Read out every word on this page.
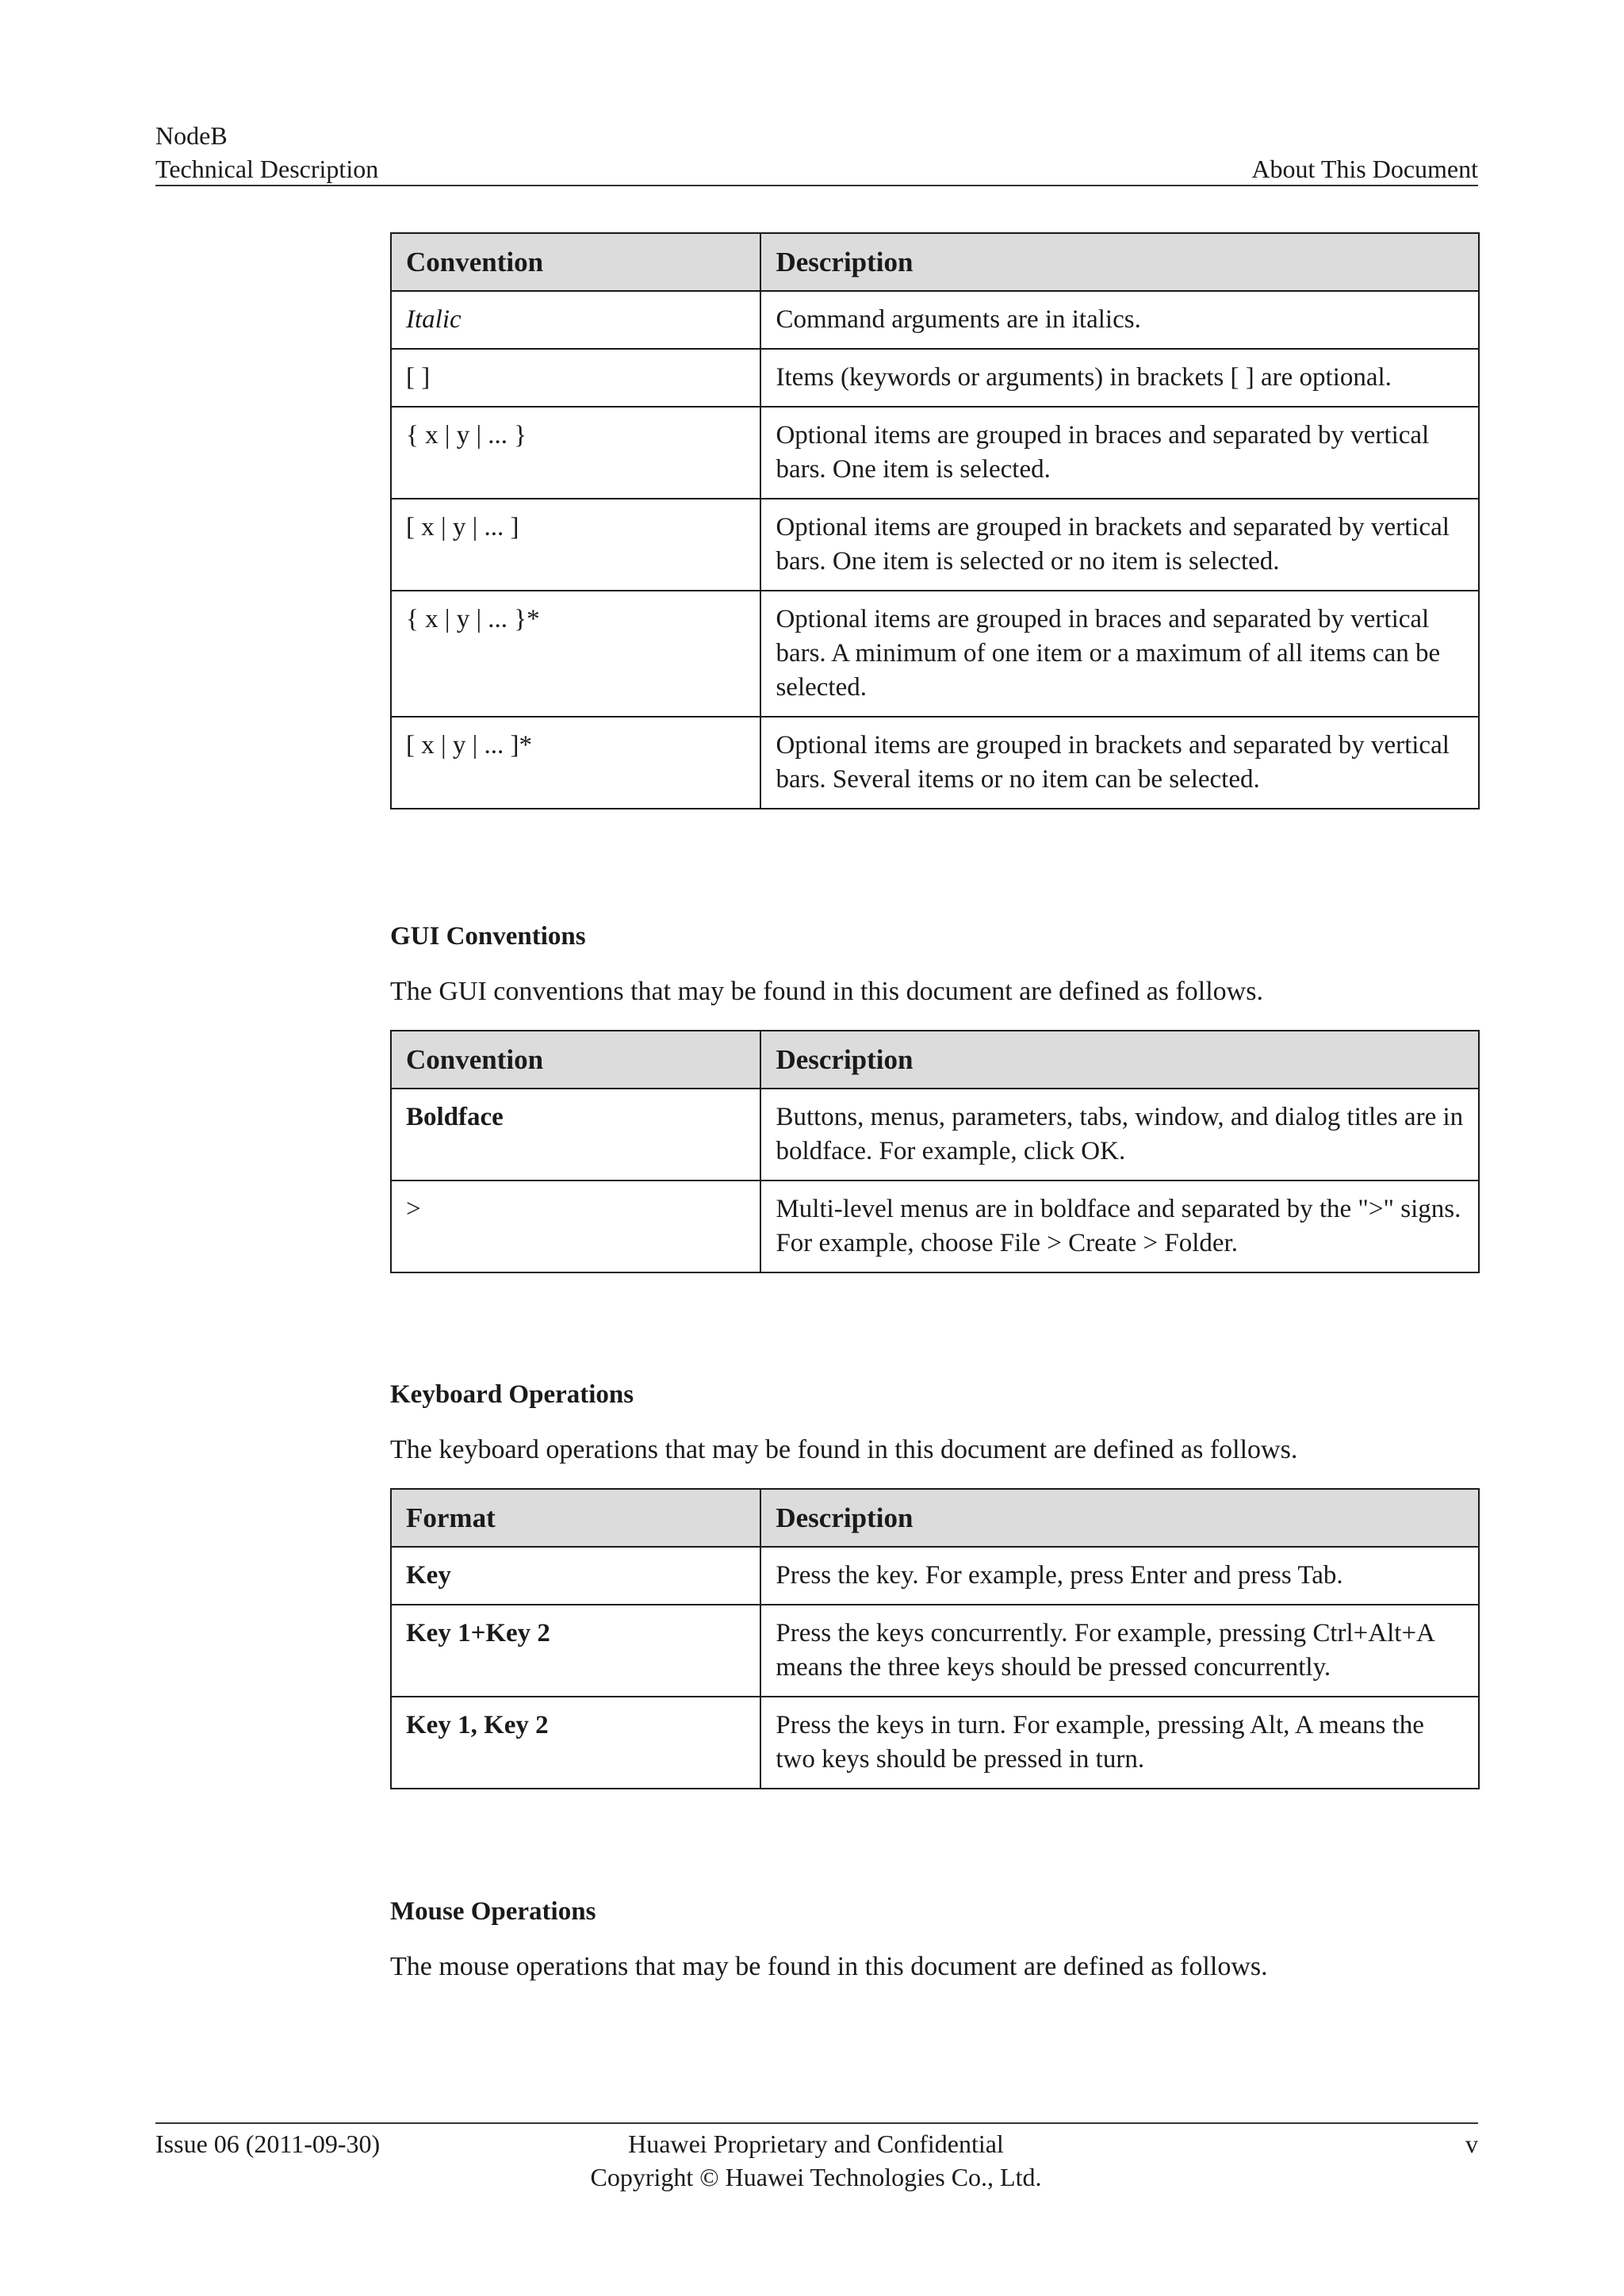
NodeB
Technical Description	About This Document
Convention	Description
Italic	Command arguments are in italics.
[ ]	Items (keywords or arguments) in brackets [ ] are optional.
{ x | y | ... }	Optional items are grouped in braces and separated by vertical bars. One item is selected.
[ x | y | ... ]	Optional items are grouped in brackets and separated by vertical bars. One item is selected or no item is selected.
{ x | y | ... }*	Optional items are grouped in braces and separated by vertical bars. A minimum of one item or a maximum of all items can be selected.
[ x | y | ... ]*	Optional items are grouped in brackets and separated by vertical bars. Several items or no item can be selected.
GUI Conventions
The GUI conventions that may be found in this document are defined as follows.
Convention	Description
Boldface	Buttons, menus, parameters, tabs, window, and dialog titles are in boldface. For example, click OK.
>	Multi-level menus are in boldface and separated by the ">" signs. For example, choose File > Create > Folder.
Keyboard Operations
The keyboard operations that may be found in this document are defined as follows.
Format	Description
Key	Press the key. For example, press Enter and press Tab.
Key 1+Key 2	Press the keys concurrently. For example, pressing Ctrl+Alt+A means the three keys should be pressed concurrently.
Key 1, Key 2	Press the keys in turn. For example, pressing Alt, A means the two keys should be pressed in turn.
Mouse Operations
The mouse operations that may be found in this document are defined as follows.
Issue 06 (2011-09-30)	Huawei Proprietary and Confidential
Copyright © Huawei Technologies Co., Ltd.
v
